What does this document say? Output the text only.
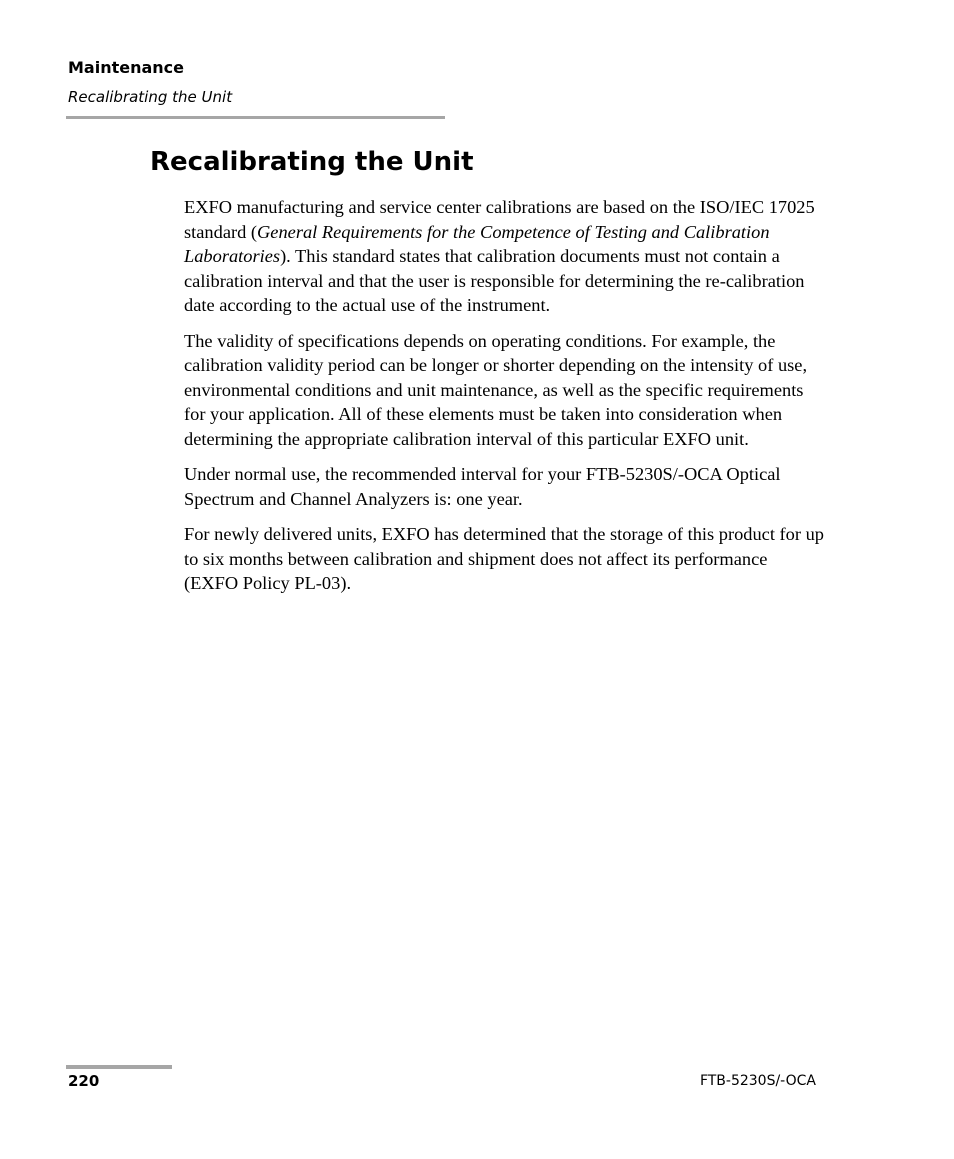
Maintenance
Recalibrating the Unit
Recalibrating the Unit

EXFO manufacturing and service center calibrations are based on the ISO/IEC 17025 standard (General Requirements for the Competence of Testing and Calibration Laboratories). This standard states that calibration documents must not contain a calibration interval and that the user is responsible for determining the re-calibration date according to the actual use of the instrument.

The validity of specifications depends on operating conditions. For example, the calibration validity period can be longer or shorter depending on the intensity of use, environmental conditions and unit maintenance, as well as the specific requirements for your application. All of these elements must be taken into consideration when determining the appropriate calibration interval of this particular EXFO unit.

Under normal use, the recommended interval for your FTB-5230S/-OCA Optical Spectrum and Channel Analyzers is: one year.

For newly delivered units, EXFO has determined that the storage of this product for up to six months between calibration and shipment does not affect its performance (EXFO Policy PL-03).

220	FTB-5230S/-OCA
